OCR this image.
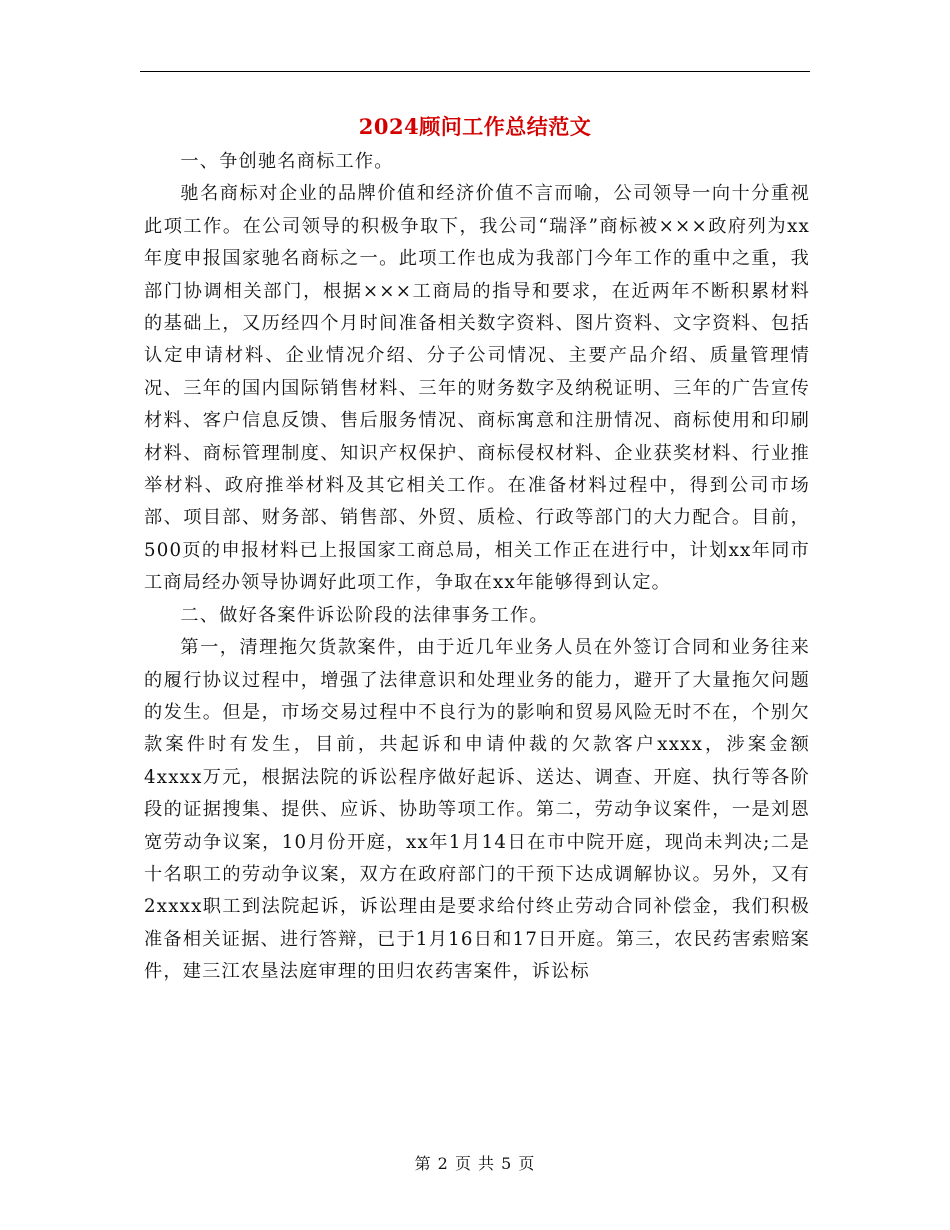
2024顾问工作总结范文

一、争创驰名商标工作。

驰名商标对企业的品牌价值和经济价值不言而喻，公司领导一向十分重视此项工作。在公司领导的积极争取下，我公司“瑞泽”商标被×××政府列为xx年度申报国家驰名商标之一。此项工作也成为我部门今年工作的重中之重，我部门协调相关部门，根据×××工商局的指导和要求，在近两年不断积累材料的基础上，又历经四个月时间准备相关数字资料、图片资料、文字资料、包括认定申请材料、企业情况介绍、分子公司情况、主要产品介绍、质量管理情况、三年的国内国际销售材料、三年的财务数字及纳税证明、三年的广告宣传材料、客户信息反馈、售后服务情况、商标寓意和注册情况、商标使用和印刷材料、商标管理制度、知识产权保护、商标侵权材料、企业获奖材料、行业推举材料、政府推举材料及其它相关工作。在准备材料过程中，得到公司市场部、项目部、财务部、销售部、外贸、质检、行政等部门的大力配合。目前，500页的申报材料已上报国家工商总局，相关工作正在进行中，计划xx年同市工商局经办领导协调好此项工作，争取在xx年能够得到认定。

二、做好各案件诉讼阶段的法律事务工作。

第一，清理拖欠货款案件，由于近几年业务人员在外签订合同和业务往来的履行协议过程中，增强了法律意识和处理业务的能力，避开了大量拖欠问题的发生。但是，市场交易过程中不良行为的影响和贸易风险无时不在，个别欠款案件时有发生，目前，共起诉和申请仲裁的欠款客户xxxx，涉案金额4xxxx万元，根据法院的诉讼程序做好起诉、送达、调查、开庭、执行等各阶段的证据搜集、提供、应诉、协助等项工作。第二，劳动争议案件，一是刘恩宽劳动争议案，10月份开庭，xx年1月14日在市中院开庭，现尚未判决;二是十名职工的劳动争议案，双方在政府部门的干预下达成调解协议。另外，又有2xxxx职工到法院起诉，诉讼理由是要求给付终止劳动合同补偿金，我们积极准备相关证据、进行答辩，已于1月16日和17日开庭。第三，农民药害索赔案件，建三江农垦法庭审理的田归农药害案件，诉讼标

第 2 页 共 5 页
